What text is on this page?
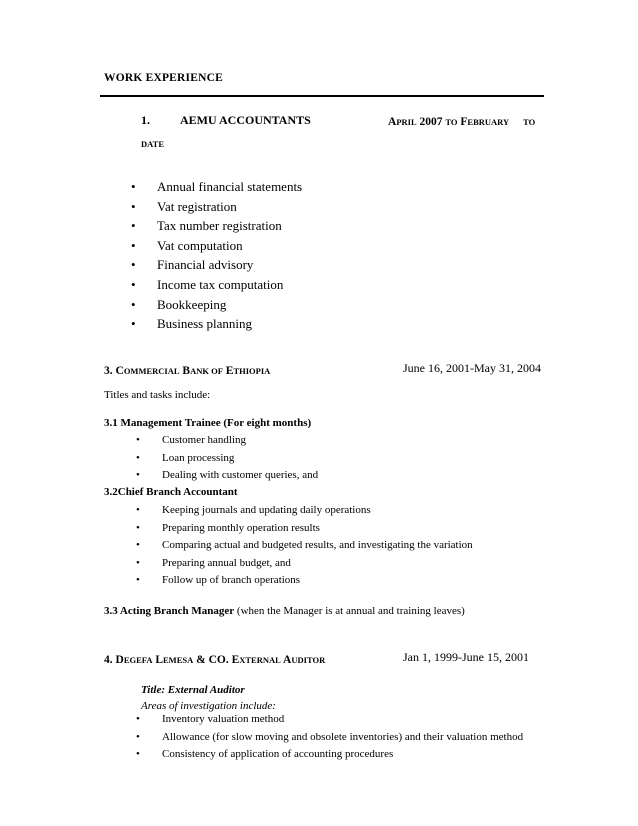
WORK EXPERIENCE
1.	AEMU ACCOUNTANTS	APRIL 2007 TO FEBRUARY TO
DATE
• Annual financial statements
• Vat registration
• Tax number registration
• Vat computation
• Financial advisory
• Income tax computation
• Bookkeeping
• Business planning
3. COMMERCIAL BANK OF ETHIOPIA	June 16, 2001-May 31, 2004
Titles and tasks include:
3.1 Management Trainee (For eight months)
• Customer handling
• Loan processing
• Dealing with customer queries, and
3.2Chief Branch Accountant
• Keeping journals and updating daily operations
• Preparing monthly operation results
• Comparing actual and budgeted results, and investigating the variation
• Preparing annual budget, and
• Follow up of branch operations
3.3 Acting Branch Manager (when the Manager is at annual and training leaves)
4. DEGEFA LEMESA & CO. EXTERNAL AUDITOR	Jan 1, 1999-June 15, 2001
Title: External Auditor
Areas of investigation include:
• Inventory valuation method
• Allowance (for slow moving and obsolete inventories) and their valuation method
• Consistency of application of accounting procedures
